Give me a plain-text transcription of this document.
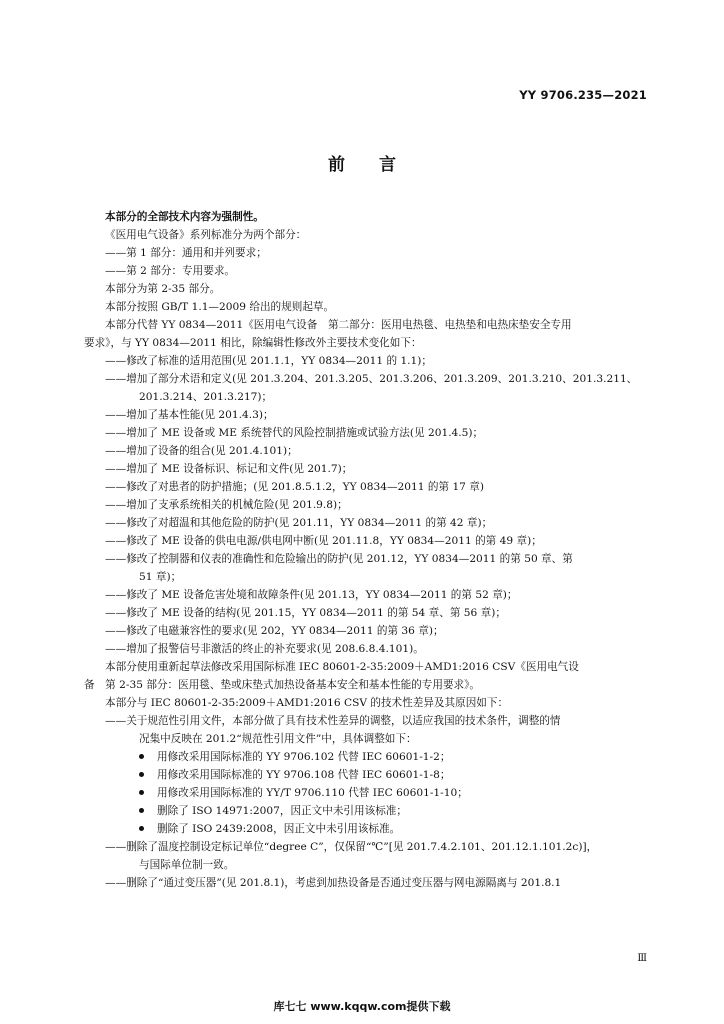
YY 9706.235—2021
前言
本部分的全部技术内容为强制性。
《医用电气设备》系列标准分为两个部分：
——第 1 部分：通用和并列要求；
——第 2 部分：专用要求。
本部分为第 2-35 部分。
本部分按照 GB/T 1.1—2009 给出的规则起草。
本部分代替 YY 0834—2011《医用电气设备　第二部分：医用电热毯、电热垫和电热床垫安全专用
要求》，与 YY 0834—2011 相比，除编辑性修改外主要技术变化如下：
——修改了标准的适用范围(见 201.1.1，YY 0834—2011 的 1.1)；
——增加了部分术语和定义(见 201.3.204、201.3.205、201.3.206、201.3.209、201.3.210、201.3.211、
201.3.214、201.3.217)；
——增加了基本性能(见 201.4.3)；
——增加了 ME 设备或 ME 系统替代的风险控制措施或试验方法(见 201.4.5)；
——增加了设备的组合(见 201.4.101)；
——增加了 ME 设备标识、标记和文件(见 201.7)；
——修改了对患者的防护措施；(见 201.8.5.1.2，YY 0834—2011 的第 17 章)
——增加了支承系统相关的机械危险(见 201.9.8)；
——修改了对超温和其他危险的防护(见 201.11，YY 0834—2011 的第 42 章)；
——修改了 ME 设备的供电电源/供电网中断(见 201.11.8，YY 0834—2011 的第 49 章)；
——修改了控制器和仪表的准确性和危险输出的防护(见 201.12，YY 0834—2011 的第 50 章、第
51 章)；
——修改了 ME 设备危害处境和故障条件(见 201.13，YY 0834—2011 的第 52 章)；
——修改了 ME 设备的结构(见 201.15，YY 0834—2011 的第 54 章、第 56 章)；
——修改了电磁兼容性的要求(见 202，YY 0834—2011 的第 36 章)；
——增加了报警信号非激活的终止的补充要求(见 208.6.8.4.101)。
本部分使用重新起草法修改采用国际标准 IEC 80601-2-35:2009＋AMD1:2016 CSV《医用电气设
备　第 2-35 部分：医用毯、垫或床垫式加热设备基本安全和基本性能的专用要求》。
本部分与 IEC 80601-2-35:2009＋AMD1:2016 CSV 的技术性差异及其原因如下：
——关于规范性引用文件，本部分做了具有技术性差异的调整，以适应我国的技术条件，调整的情
况集中反映在 201.2“规范性引用文件”中，具体调整如下：
用修改采用国际标准的 YY 9706.102 代替 IEC 60601-1-2；
用修改采用国际标准的 YY 9706.108 代替 IEC 60601-1-8；
用修改采用国际标准的 YY/T 9706.110 代替 IEC 60601-1-10；
删除了 ISO 14971:2007，因正文中未引用该标准；
删除了 ISO 2439:2008，因正文中未引用该标准。
——删除了温度控制设定标记单位“degree C”，仅保留“℃”[见 201.7.4.2.101、201.12.1.101.2c)]，
与国际单位制一致。
——删除了“通过变压器”(见 201.8.1)，考虑到加热设备是否通过变压器与网电源隔离与 201.8.1
Ⅲ
库七七 www.kqqw.com提供下载
